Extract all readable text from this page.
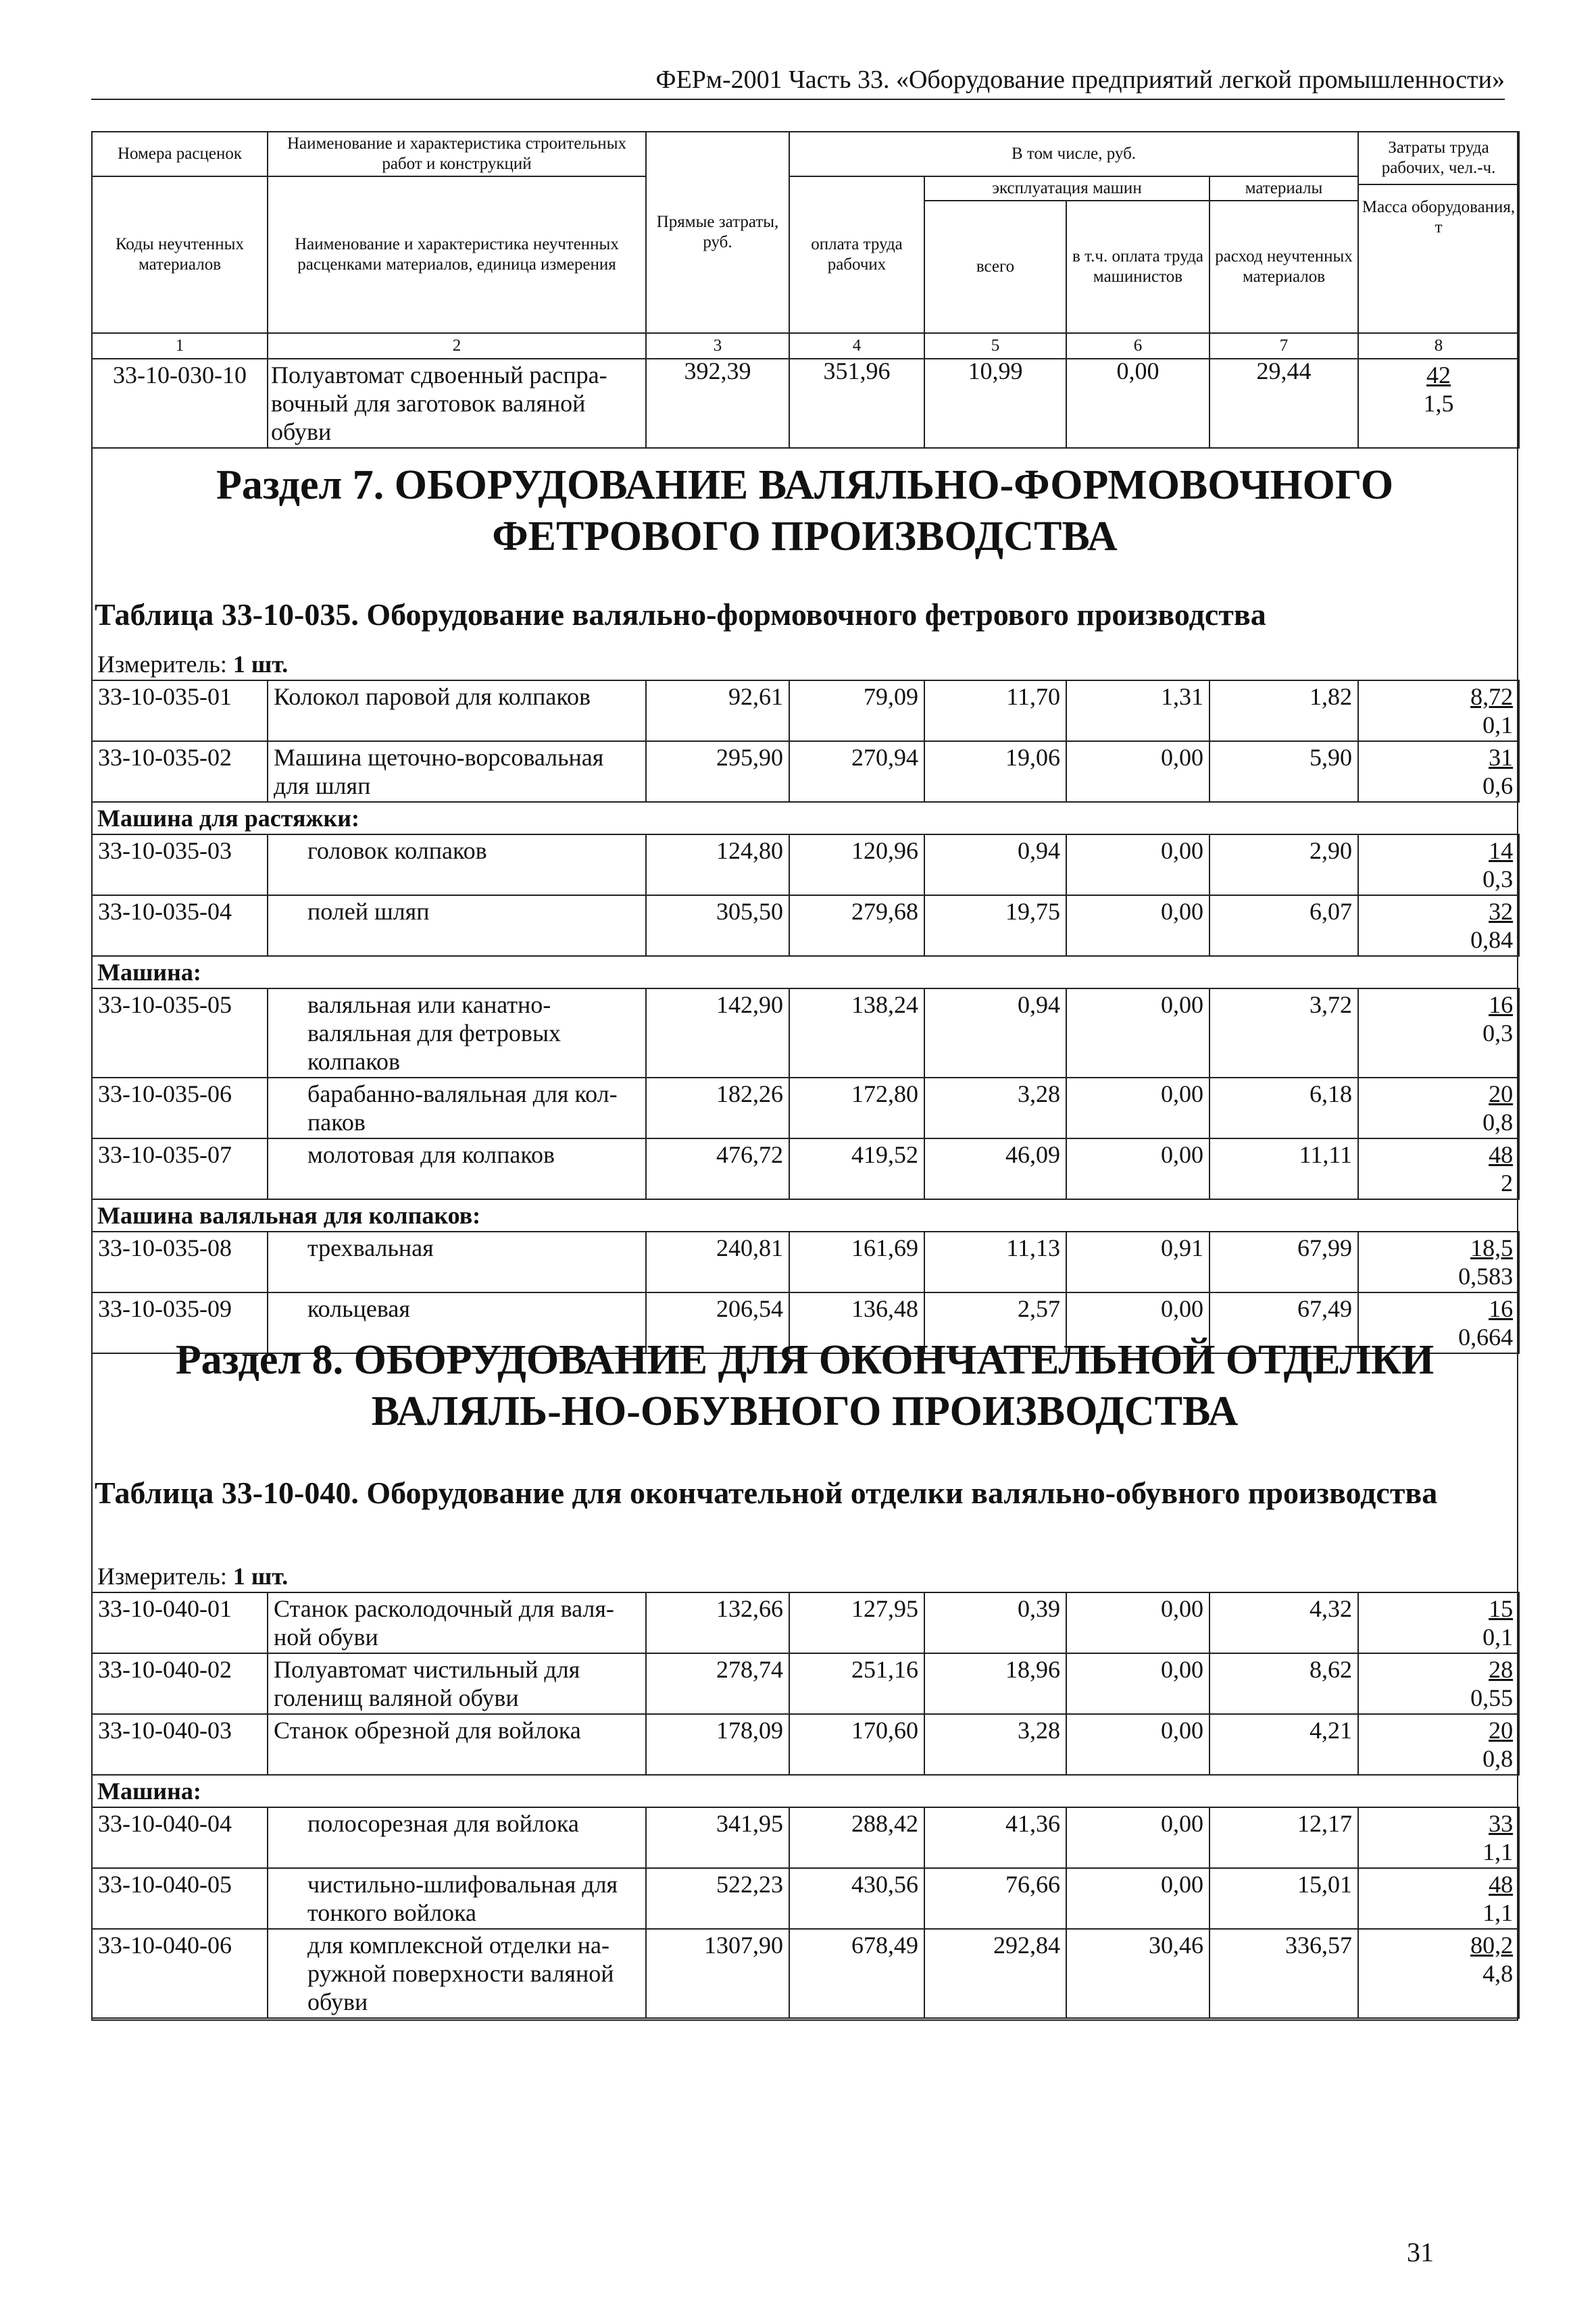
ФЕРм-2001 Часть 33. «Оборудование предприятий легкой промышленности»
Номера расценок	Наименование и характеристика строительных работ и конструкций	Прямые затраты, руб.	В том числе, руб.				Затраты труда рабочих, чел.-ч.
Масса оборудования, т

Коды неучтенных материалов	Наименование и характеристика неучтенных расценками материалов, единица измерения		оплата труда рабочих	эксплуатация машин		материалы	
				всего	в т.ч. оплата труда машинистов	расход неучтенных материалов	
1	2	3	4	5	6	7	8
33-10-030-10	Полуавтомат сдвоенный распра-вочный для заготовок валяной обуви	392,39	351,96	10,99	0,00	29,44	42
1,5
Раздел 7. ОБОРУДОВАНИЕ ВАЛЯЛЬНО-ФОРМОВОЧНОГО ФЕТРОВОГО ПРОИЗВОДСТВА
Таблица 33-10-035. Оборудование валяльно-формовочного фетрового производства
Измеритель: 1 шт.							
33-10-035-01	Колокол паровой для колпаков	92,61	79,09	11,70	1,31	1,82	8,72
0,1

33-10-035-02	Машина щеточно-ворсовальная для шляп	295,90	270,94	19,06	0,00	5,90	31
0,6

Машина для растяжки:							
33-10-035-03	головок колпаков	124,80	120,96	0,94	0,00	2,90	14
0,3

33-10-035-04	полей шляп	305,50	279,68	19,75	0,00	6,07	32
0,84

Машина:							
33-10-035-05	валяльная или канатно-валяльная для фетровых колпаков	142,90	138,24	0,94	0,00	3,72	16
0,3

33-10-035-06	барабанно-валяльная для кол-паков	182,26	172,80	3,28	0,00	6,18	20
0,8

33-10-035-07	молотовая для колпаков	476,72	419,52	46,09	0,00	11,11	48
2

Машина валяльная для колпаков:							
33-10-035-08	трехвальная	240,81	161,69	11,13	0,91	67,99	18,5
0,583

33-10-035-09	кольцевая	206,54	136,48	2,57	0,00	67,49	16
0,664
Раздел 8. ОБОРУДОВАНИЕ ДЛЯ ОКОНЧАТЕЛЬНОЙ ОТДЕЛКИ ВАЛЯЛЬ-НО-ОБУВНОГО ПРОИЗВОДСТВА
Таблица 33-10-040. Оборудование для окончательной отделки валяльно-обувного производства
Измеритель: 1 шт.							
33-10-040-01	Станок расколодочный для валя-ной обуви	132,66	127,95	0,39	0,00	4,32	15
0,1

33-10-040-02	Полуавтомат чистильный для голенищ валяной обуви	278,74	251,16	18,96	0,00	8,62	28
0,55

33-10-040-03	Станок обрезной для войлока	178,09	170,60	3,28	0,00	4,21	20
0,8

Машина:							
33-10-040-04	полосорезная для войлока	341,95	288,42	41,36	0,00	12,17	33
1,1

33-10-040-05	чистильно-шлифовальная для тонкого войлока	522,23	430,56	76,66	0,00	15,01	48
1,1

33-10-040-06	для комплексной отделки на-ружной поверхности валяной обуви	1307,90	678,49	292,84	30,46	336,57	80,2
4,8
31
